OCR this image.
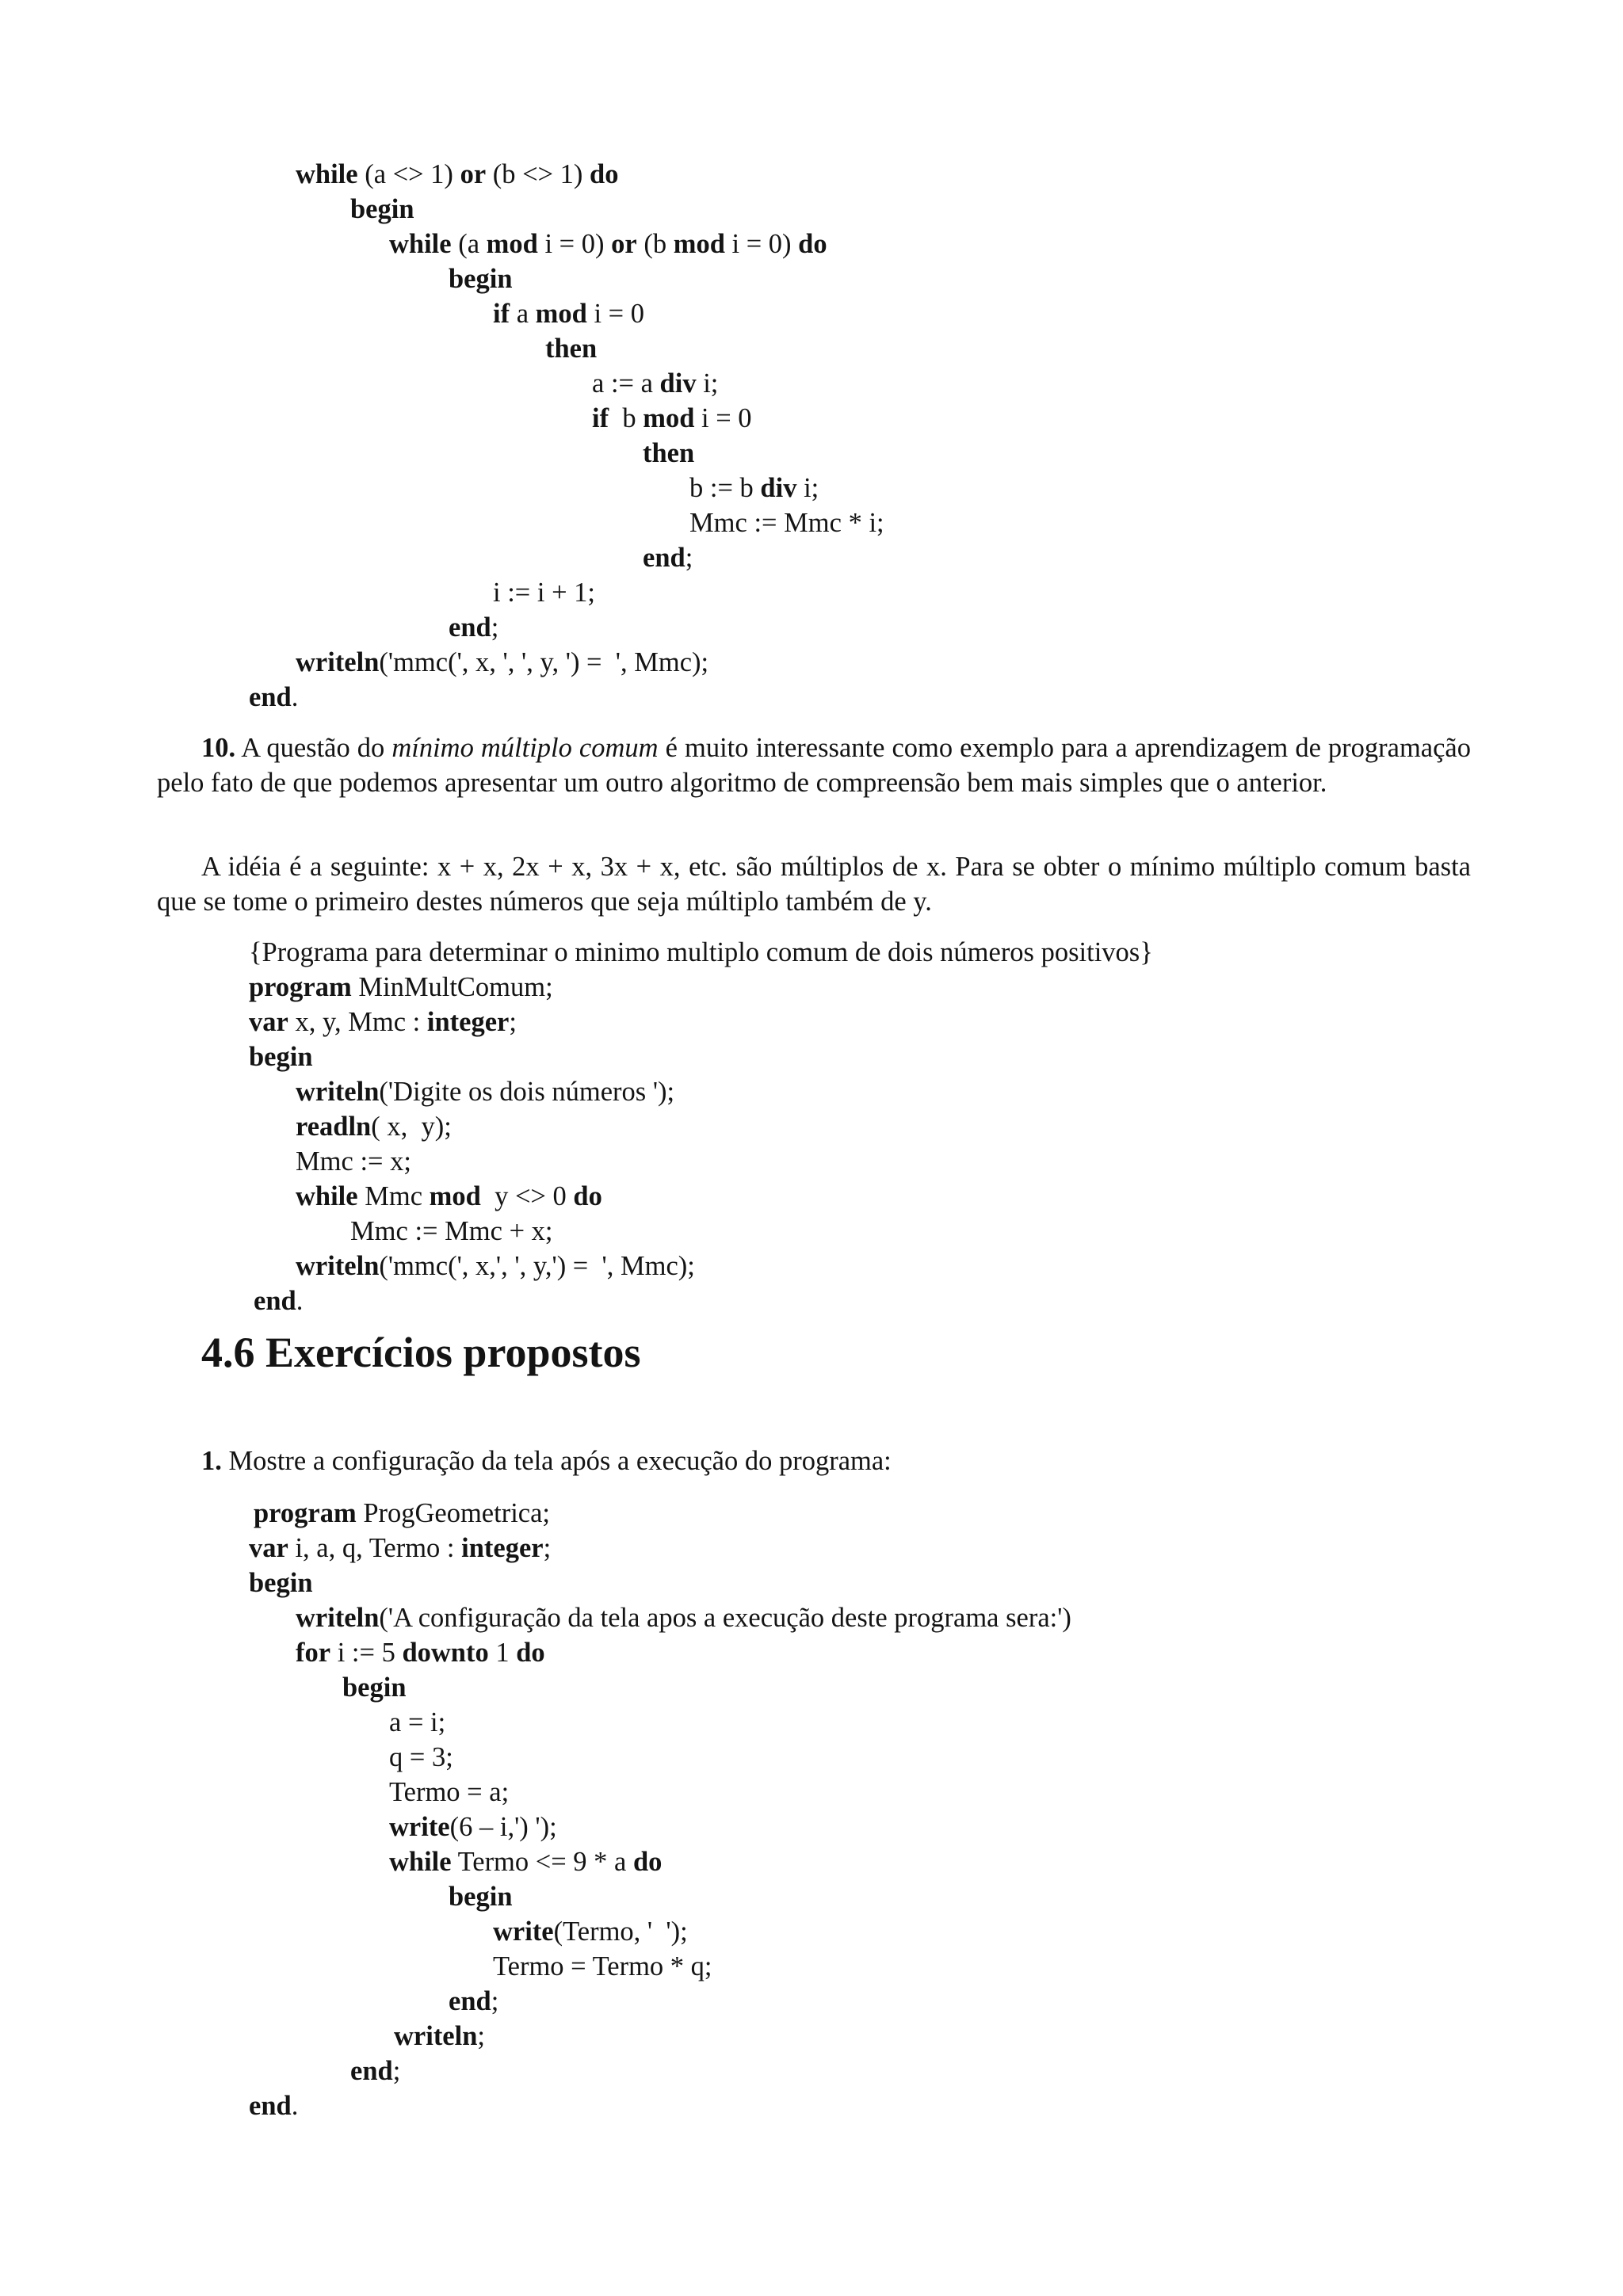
while (a <> 1) or (b <> 1) do
begin
while (a mod i = 0) or (b mod i = 0) do
begin
if a mod i = 0
then
a := a div i;
if  b mod i = 0
then
b := b div i;
Mmc := Mmc * i;
end;
i := i + 1;
end;
writeln('mmc(', x, ', ', y, ') =  ', Mmc);
end.
10. A questão do mínimo múltiplo comum é muito interessante como exemplo para a aprendizagem de programação pelo fato de que podemos apresentar um outro algoritmo de compreensão bem mais simples que o anterior.
A idéia é a seguinte: x + x, 2x + x, 3x + x, etc. são múltiplos de x. Para se obter o mínimo múltiplo comum basta que se tome o primeiro destes números que seja múltiplo também de y.
{Programa para determinar o minimo multiplo comum de dois números positivos}
program MinMultComum;
var x, y, Mmc : integer;
begin
writeln('Digite os dois números ');
readln( x,  y);
Mmc := x;
while Mmc mod  y <> 0 do
Mmc := Mmc + x;
writeln('mmc(', x,', ', y,') =  ', Mmc);
end.
4.6 Exercícios propostos
1. Mostre a configuração da tela após a execução do programa:
program ProgGeometrica;
var i, a, q, Termo : integer;
begin
writeln('A configuração da tela apos a execução deste programa sera:')
for i := 5 downto 1 do
begin
a = i;
q = 3;
Termo = a;
write(6 – i,') ');
while Termo <= 9 * a do
begin
write(Termo, '  ');
Termo = Termo * q;
end;
writeln;
end;
end.
